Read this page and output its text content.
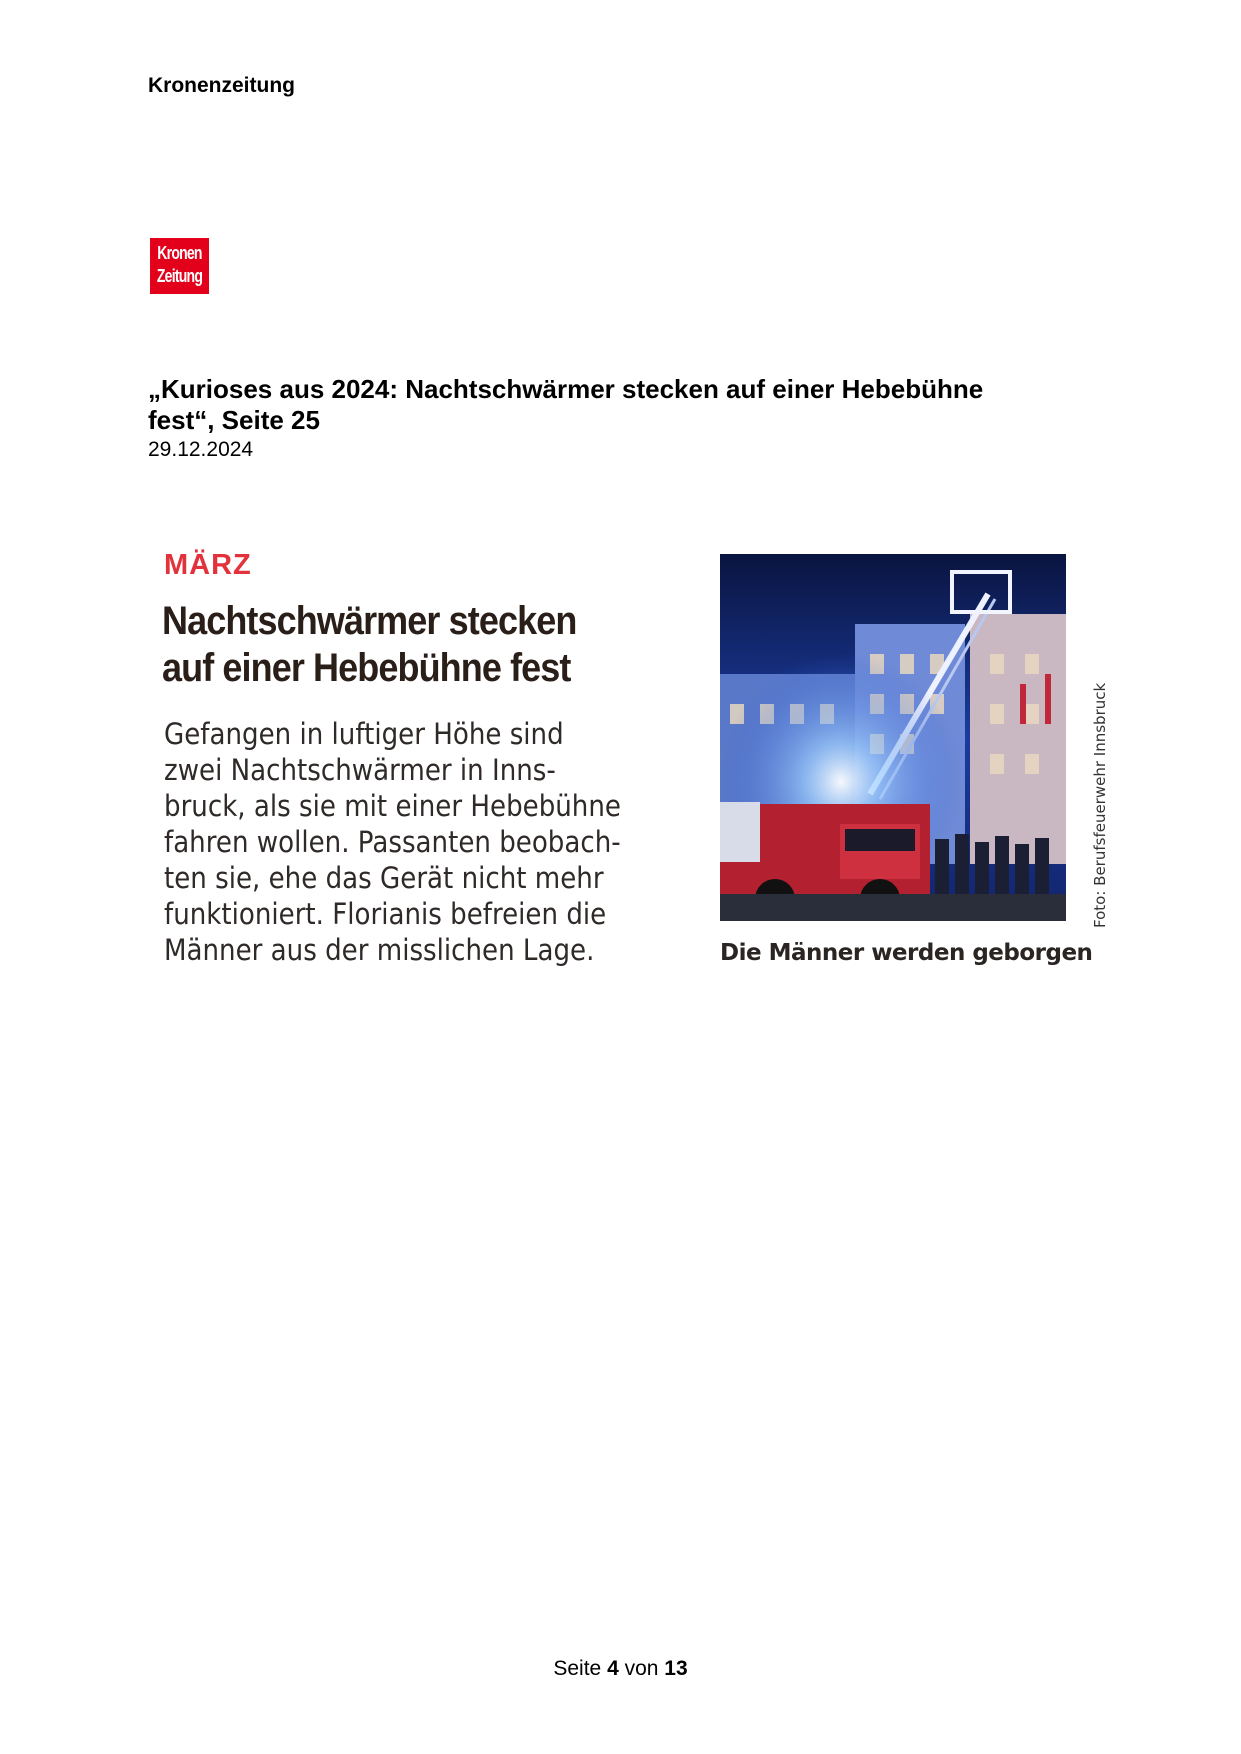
Kronenzeitung
Kronen
Zeitung
„Kurioses aus 2024: Nachtschwärmer stecken auf einer Hebebühne fest“, Seite 25
29.12.2024
MÄRZ
Nachtschwärmer stecken
auf einer Hebebühne fest
Gefangen in luftiger Höhe sind
zwei Nachtschwärmer in Inns-
bruck, als sie mit einer Hebebühne
fahren wollen. Passanten beobach-
ten sie, ehe das Gerät nicht mehr
funktioniert. Florianis befreien die
Männer aus der misslichen Lage.
Foto: Berufsfeuerwehr Innsbruck
Die Männer werden geborgen
Seite 4 von 13
